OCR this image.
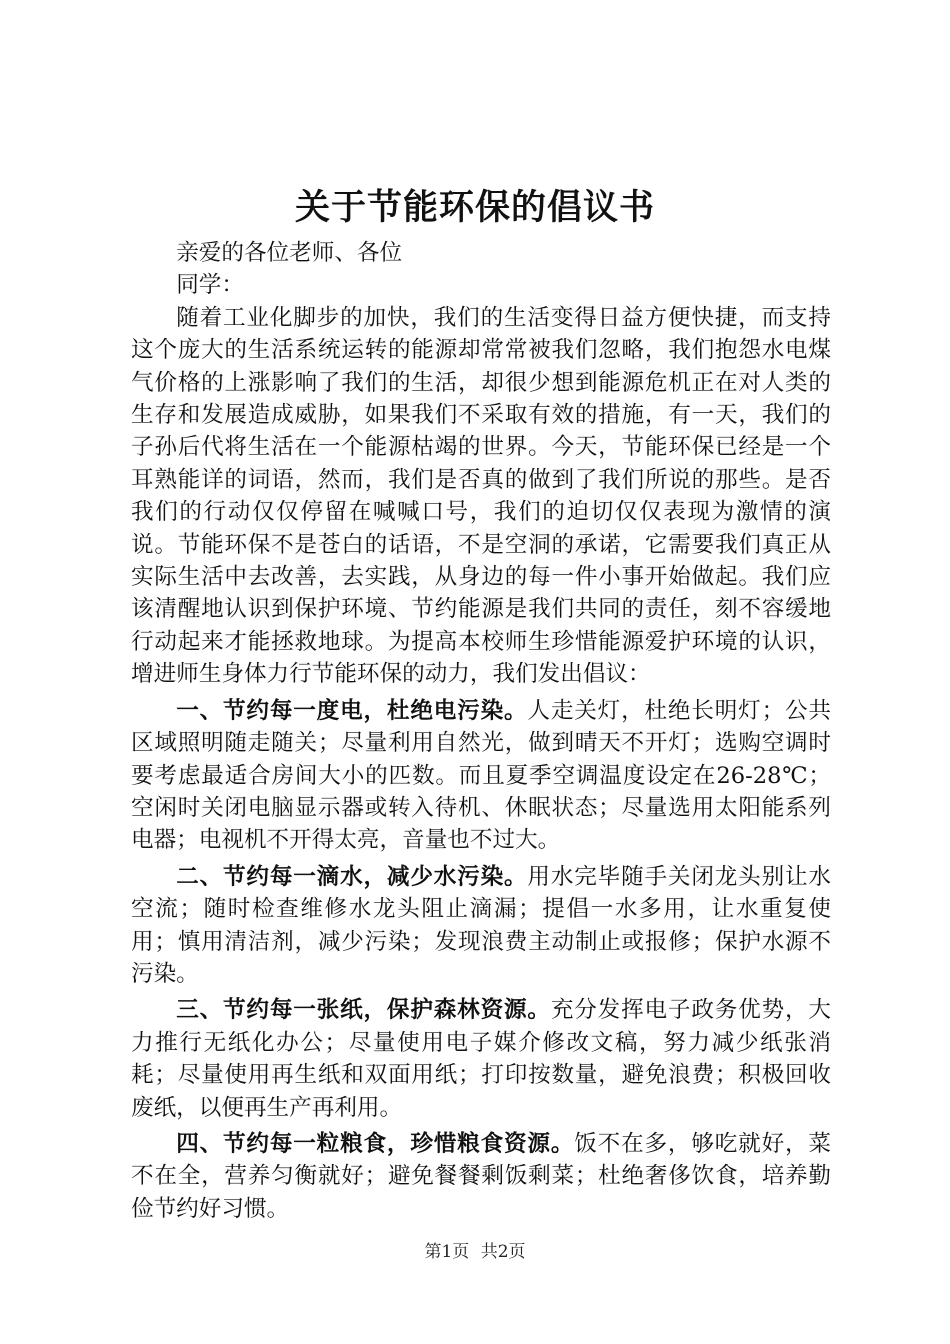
关于节能环保的倡议书

亲爱的各位老师、各位

同学：

随着工业化脚步的加快，我们的生活变得日益方便快捷，而支持这个庞大的生活系统运转的能源却常常被我们忽略，我们抱怨水电煤气价格的上涨影响了我们的生活，却很少想到能源危机正在对人类的生存和发展造成威胁，如果我们不采取有效的措施，有一天，我们的子孙后代将生活在一个能源枯竭的世界。今天，节能环保已经是一个耳熟能详的词语，然而，我们是否真的做到了我们所说的那些。是否我们的行动仅仅停留在喊喊口号，我们的迫切仅仅表现为激情的演说。节能环保不是苍白的话语，不是空洞的承诺，它需要我们真正从实际生活中去改善，去实践，从身边的每一件小事开始做起。我们应该清醒地认识到保护环境、节约能源是我们共同的责任，刻不容缓地行动起来才能拯救地球。为提高本校师生珍惜能源爱护环境的认识，增进师生身体力行节能环保的动力，我们发出倡议：

一、节约每一度电，杜绝电污染。人走关灯，杜绝长明灯；公共区域照明随走随关；尽量利用自然光，做到晴天不开灯；选购空调时要考虑最适合房间大小的匹数。而且夏季空调温度设定在26-28℃；空闲时关闭电脑显示器或转入待机、休眠状态；尽量选用太阳能系列电器；电视机不开得太亮，音量也不过大。

二、节约每一滴水，减少水污染。用水完毕随手关闭龙头别让水空流；随时检查维修水龙头阻止滴漏；提倡一水多用，让水重复使用；慎用清洁剂，减少污染；发现浪费主动制止或报修；保护水源不污染。

三、节约每一张纸，保护森林资源。充分发挥电子政务优势，大力推行无纸化办公；尽量使用电子媒介修改文稿，努力减少纸张消耗；尽量使用再生纸和双面用纸；打印按数量，避免浪费；积极回收废纸，以便再生产再利用。

四、节约每一粒粮食，珍惜粮食资源。饭不在多，够吃就好，菜不在全，营养匀衡就好；避免餐餐剩饭剩菜；杜绝奢侈饮食，培养勤俭节约好习惯。

第1页 共2页
